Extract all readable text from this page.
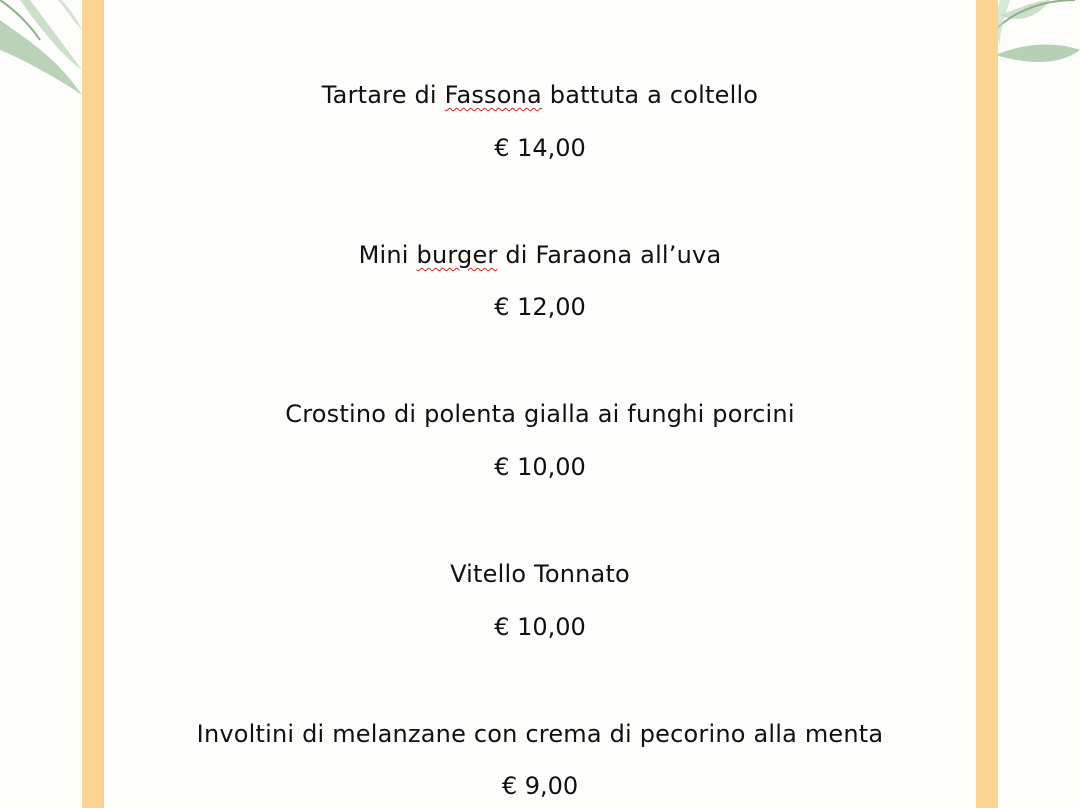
Tartare di Fassona battuta a coltello
€ 14,00
Mini burger di Faraona all’uva
€ 12,00
Crostino di polenta gialla ai funghi porcini
€ 10,00
Vitello Tonnato
€ 10,00
Involtini di melanzane con crema di pecorino alla menta
€ 9,00
